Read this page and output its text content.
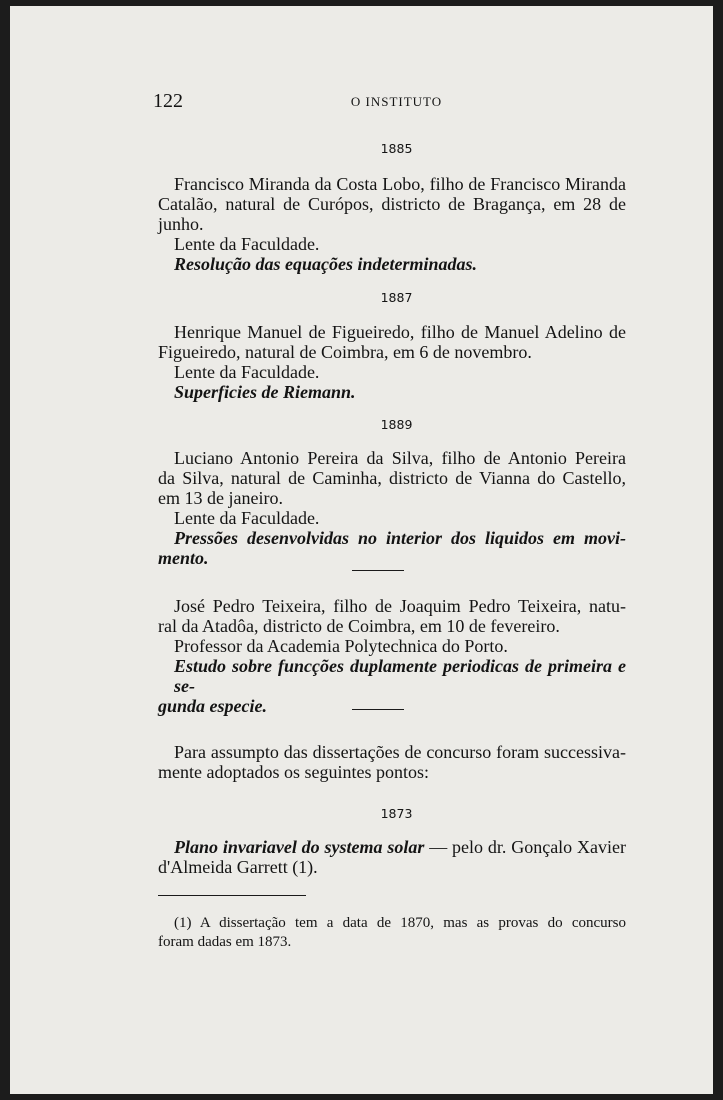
122	O INSTITUTO
1885
Francisco Miranda da Costa Lobo, filho de Francisco Miranda
Catalão, natural de Curópos, districto de Bragança, em 28 de
junho.
Lente da Faculdade.
Resolução das equações indeterminadas.
1887
Henrique Manuel de Figueiredo, filho de Manuel Adelino de
Figueiredo, natural de Coimbra, em 6 de novembro.
Lente da Faculdade.
Superficies de Riemann.
1889
Luciano Antonio Pereira da Silva, filho de Antonio Pereira
da Silva, natural de Caminha, districto de Vianna do Castello,
em 13 de janeiro.
Lente da Faculdade.
Pressões desenvolvidas no interior dos liquidos em movi-
mento.
José Pedro Teixeira, filho de Joaquim Pedro Teixeira, natu-
ral da Atadôa, districto de Coimbra, em 10 de fevereiro.
Professor da Academia Polytechnica do Porto.
Estudo sobre funcções duplamente periodicas de primeira e se-
gunda especie.
Para assumpto das dissertações de concurso foram successiva-
mente adoptados os seguintes pontos:
1873
Plano invariavel do systema solar — pelo dr. Gonçalo Xavier
d'Almeida Garrett (1).
(1) A dissertação tem a data de 1870, mas as provas do concurso
foram dadas em 1873.
